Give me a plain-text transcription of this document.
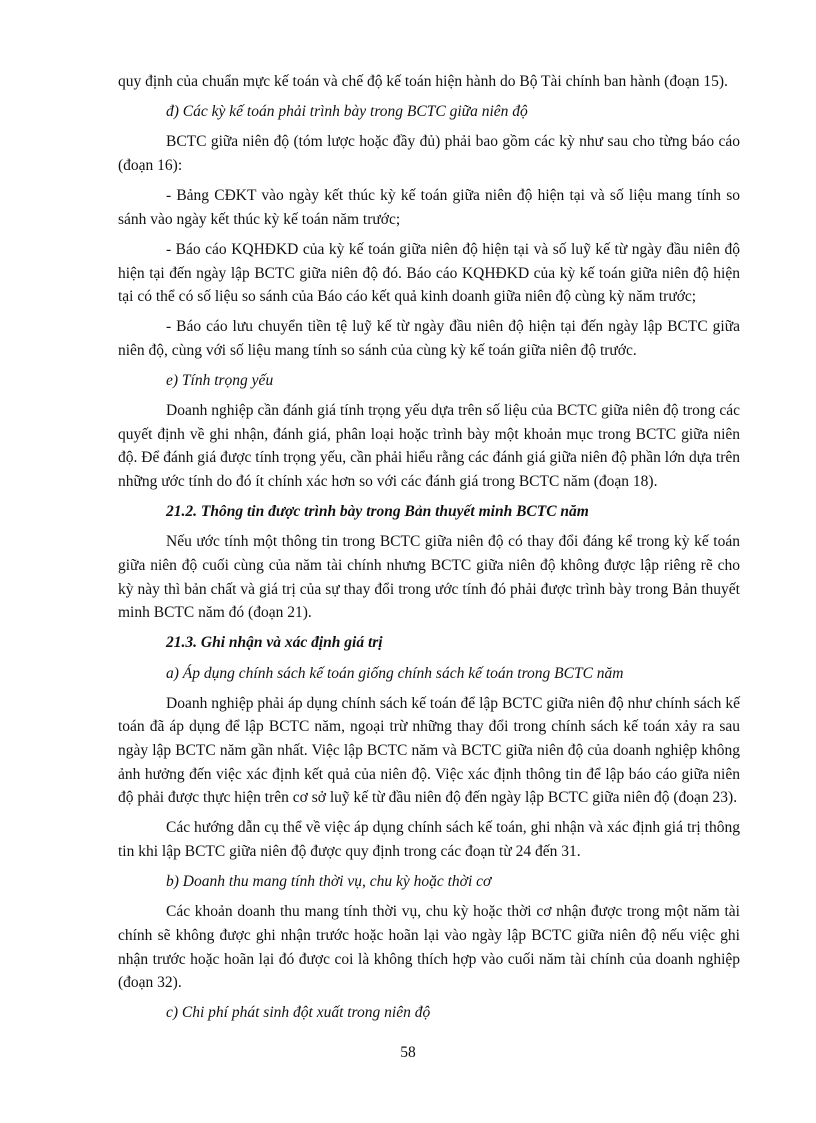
quy định của chuẩn mực kế toán và chế độ kế toán hiện hành do Bộ Tài chính ban hành (đoạn 15).

đ) Các kỳ kế toán phải trình bày trong BCTC giữa niên độ

BCTC giữa niên độ (tóm lược hoặc đầy đủ) phải bao gồm các kỳ như sau cho từng báo cáo (đoạn 16):

- Bảng CĐKT vào ngày kết thúc kỳ kế toán giữa niên độ hiện tại và số liệu mang tính so sánh vào ngày kết thúc kỳ kế toán năm trước;

- Báo cáo KQHĐKD của kỳ kế toán giữa niên độ hiện tại và số luỹ kế từ ngày đầu niên độ hiện tại đến ngày lập BCTC giữa niên độ đó. Báo cáo KQHĐKD của kỳ kế toán giữa niên độ hiện tại có thể có số liệu so sánh của Báo cáo kết quả kinh doanh giữa niên độ cùng kỳ năm trước;

- Báo cáo lưu chuyển tiền tệ luỹ kế từ ngày đầu niên độ hiện tại đến ngày lập BCTC giữa niên độ, cùng với số liệu mang tính so sánh của cùng kỳ kế toán giữa niên độ trước.

e) Tính trọng yếu

Doanh nghiệp cần đánh giá tính trọng yếu dựa trên số liệu của BCTC giữa niên độ trong các quyết định về ghi nhận, đánh giá, phân loại hoặc trình bày một khoản mục trong BCTC giữa niên độ. Để đánh giá được tính trọng yếu, cần phải hiểu rằng các đánh giá giữa niên độ phần lớn dựa trên những ước tính do đó ít chính xác hơn so với các đánh giá trong BCTC năm (đoạn 18).

21.2. Thông tin được trình bày trong Bản thuyết minh BCTC năm

Nếu ước tính một thông tin trong BCTC giữa niên độ có thay đổi đáng kể trong kỳ kế toán giữa niên độ cuối cùng của năm tài chính nhưng BCTC giữa niên độ không được lập riêng rẽ cho kỳ này thì bản chất và giá trị của sự thay đổi trong ước tính đó phải được trình bày trong Bản thuyết minh BCTC năm đó (đoạn 21).

21.3. Ghi nhận và xác định giá trị

a) Áp dụng chính sách kế toán giống chính sách kế toán trong BCTC năm

Doanh nghiệp phải áp dụng chính sách kế toán để lập BCTC giữa niên độ như chính sách kế toán đã áp dụng để lập BCTC năm, ngoại trừ những thay đổi trong chính sách kế toán xảy ra sau ngày lập BCTC năm gần nhất. Việc lập BCTC năm và BCTC giữa niên độ của doanh nghiệp không ảnh hưởng đến việc xác định kết quả của niên độ. Việc xác định thông tin để lập báo cáo giữa niên độ phải được thực hiện trên cơ sở luỹ kế từ đầu niên độ đến ngày lập BCTC giữa niên độ (đoạn 23).

Các hướng dẫn cụ thể về việc áp dụng chính sách kế toán, ghi nhận và xác định giá trị thông tin khi lập BCTC giữa niên độ được quy định trong các đoạn từ 24 đến 31.

b) Doanh thu mang tính thời vụ, chu kỳ hoặc thời cơ

Các khoản doanh thu mang tính thời vụ, chu kỳ hoặc thời cơ nhận được trong một năm tài chính sẽ không được ghi nhận trước hoặc hoãn lại vào ngày lập BCTC giữa niên độ nếu việc ghi nhận trước hoặc hoãn lại đó được coi là không thích hợp vào cuối năm tài chính của doanh nghiệp (đoạn 32).

c) Chi phí phát sinh đột xuất trong niên độ

58
